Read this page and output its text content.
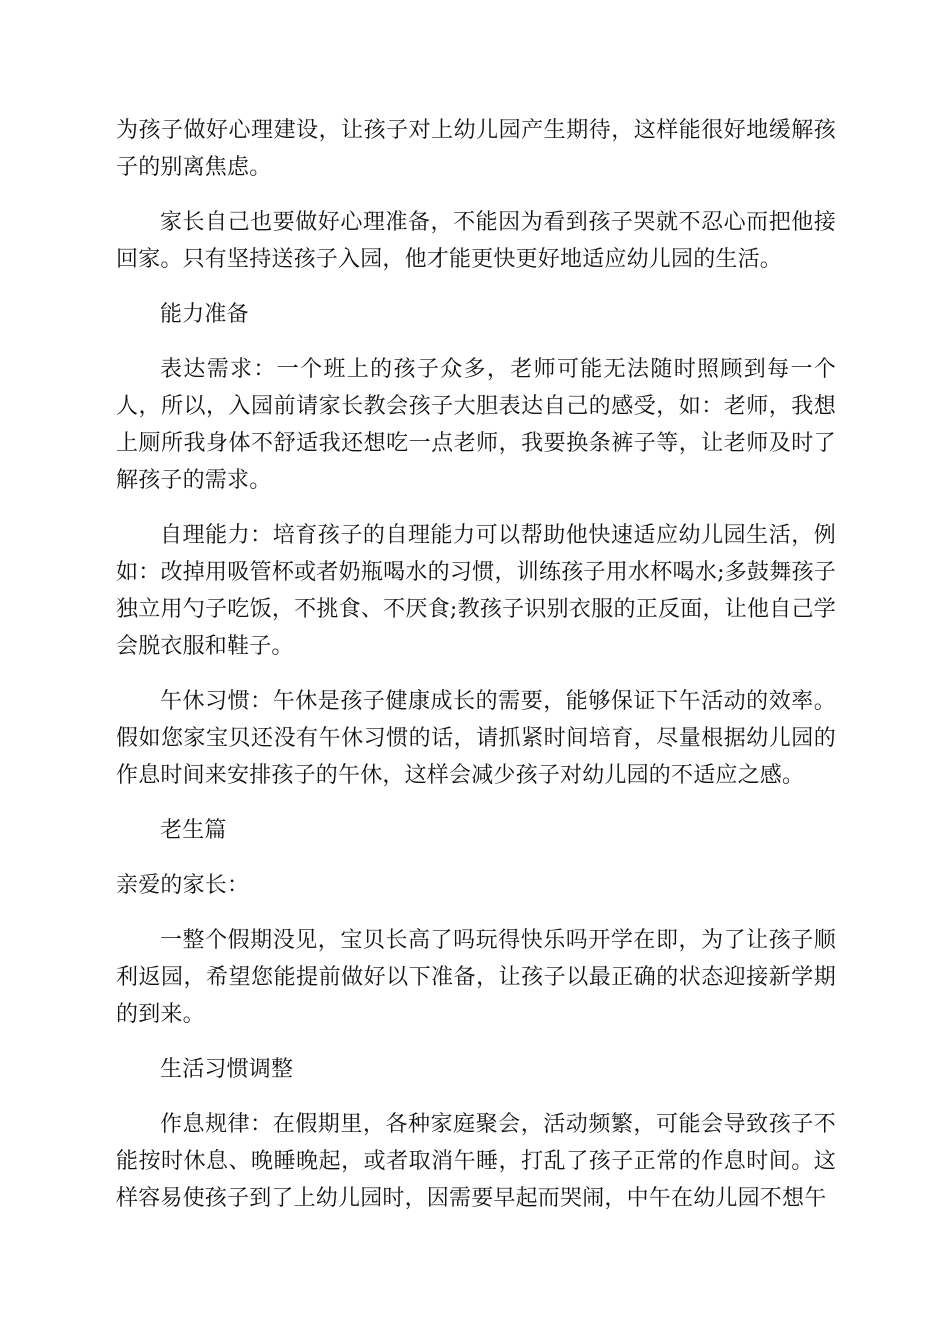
为孩子做好心理建设，让孩子对上幼儿园产生期待，这样能很好地缓解孩子的别离焦虑。

家长自己也要做好心理准备，不能因为看到孩子哭就不忍心而把他接回家。只有坚持送孩子入园，他才能更快更好地适应幼儿园的生活。

能力准备

表达需求：一个班上的孩子众多，老师可能无法随时照顾到每一个人，所以，入园前请家长教会孩子大胆表达自己的感受，如：老师，我想上厕所我身体不舒适我还想吃一点老师，我要换条裤子等，让老师及时了解孩子的需求。

自理能力：培育孩子的自理能力可以帮助他快速适应幼儿园生活，例如：改掉用吸管杯或者奶瓶喝水的习惯，训练孩子用水杯喝水;多鼓舞孩子独立用勺子吃饭，不挑食、不厌食;教孩子识别衣服的正反面，让他自己学会脱衣服和鞋子。

午休习惯：午休是孩子健康成长的需要，能够保证下午活动的效率。假如您家宝贝还没有午休习惯的话，请抓紧时间培育，尽量根据幼儿园的作息时间来安排孩子的午休，这样会减少孩子对幼儿园的不适应之感。

老生篇

亲爱的家长：

一整个假期没见，宝贝长高了吗玩得快乐吗开学在即，为了让孩子顺利返园，希望您能提前做好以下准备，让孩子以最正确的状态迎接新学期的到来。

生活习惯调整

作息规律：在假期里，各种家庭聚会，活动频繁，可能会导致孩子不能按时休息、晚睡晚起，或者取消午睡，打乱了孩子正常的作息时间。这样容易使孩子到了上幼儿园时，因需要早起而哭闹，中午在幼儿园不想午
